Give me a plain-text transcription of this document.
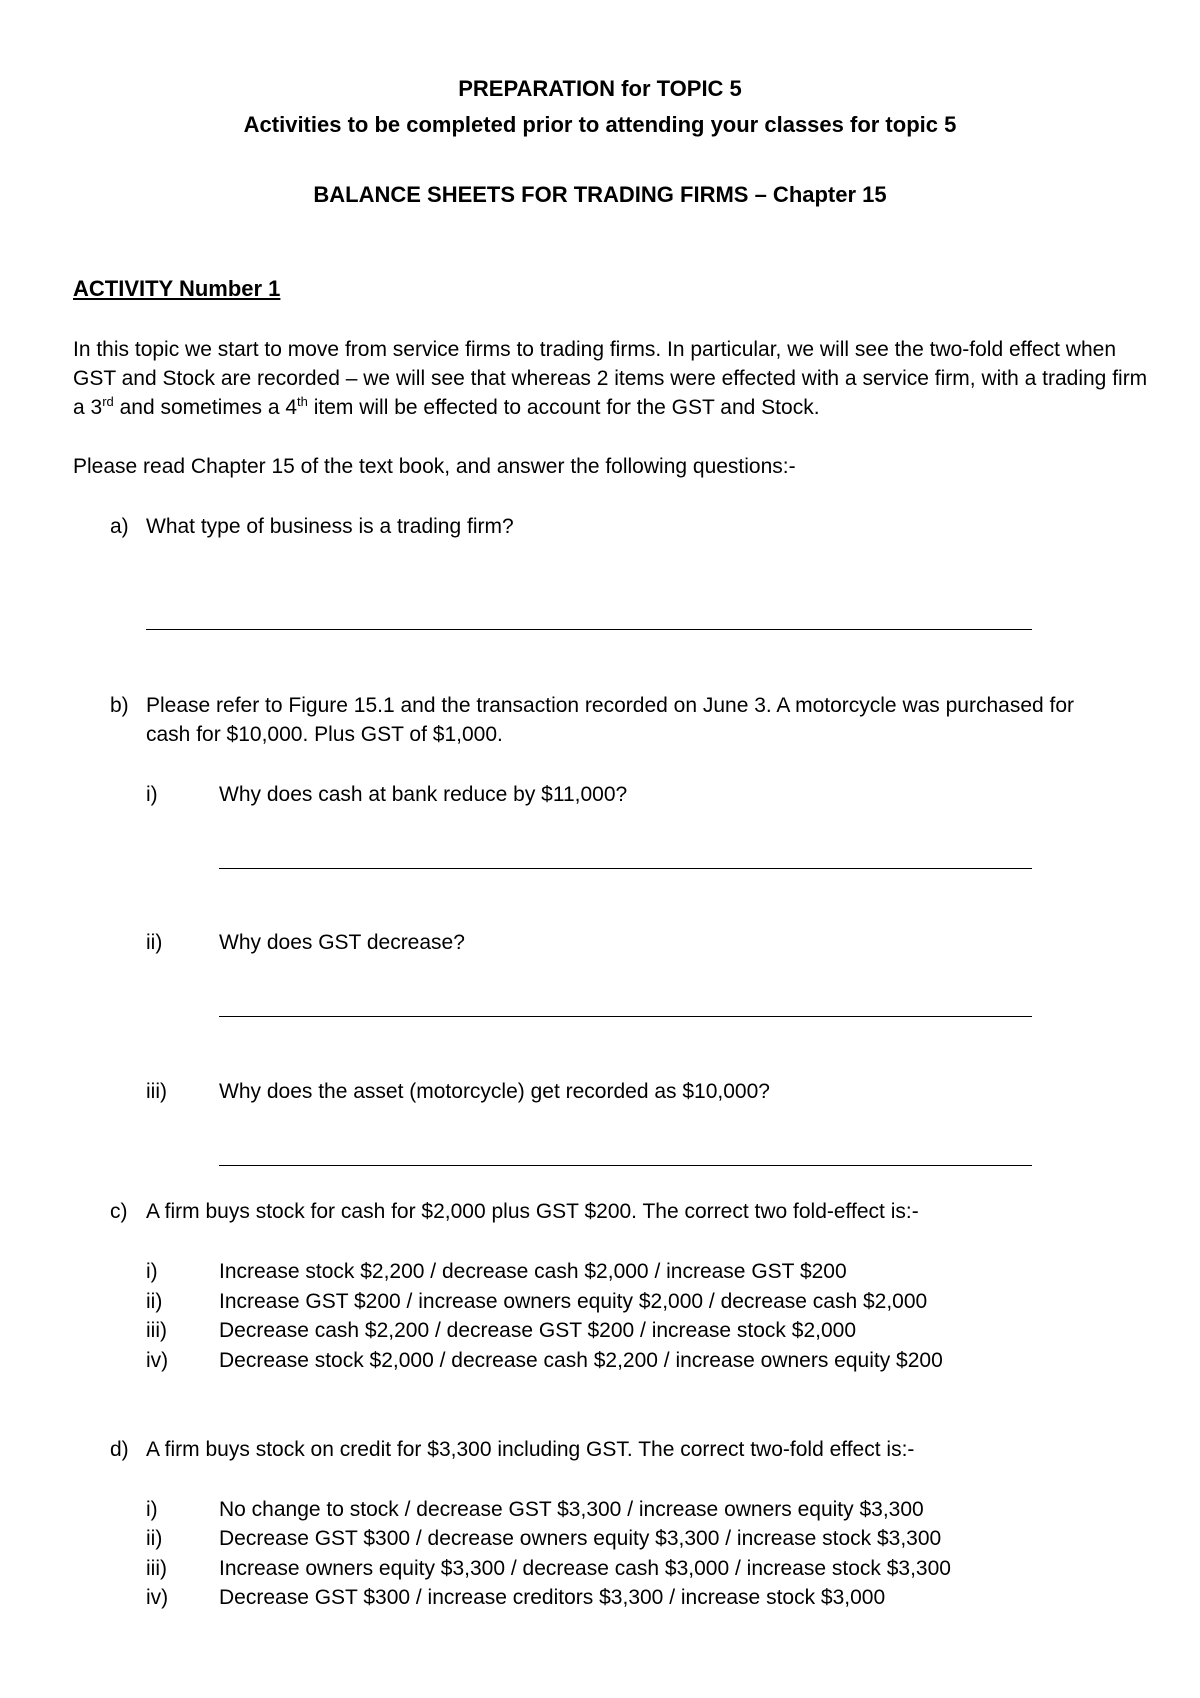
PREPARATION for TOPIC 5
Activities to be completed prior to attending your classes for topic 5
BALANCE SHEETS FOR TRADING FIRMS – Chapter 15
ACTIVITY Number 1
In this topic we start to move from service firms to trading firms. In particular, we will see the two-fold effect when GST and Stock are recorded – we will see that whereas 2 items were effected with a service firm, with a trading firm a 3rd and sometimes a 4th item will be effected to account for the GST and Stock.
Please read Chapter 15 of the text book, and answer the following questions:-
a) What type of business is a trading firm?
b) Please refer to Figure 15.1 and the transaction recorded on June 3. A motorcycle was purchased for
cash for $10,000. Plus GST of $1,000.
i)	Why does cash at bank reduce by $11,000?
ii)	Why does GST decrease?
iii) Why does the asset (motorcycle) get recorded as $10,000?
c) A firm buys stock for cash for $2,000 plus GST $200. The correct two fold-effect is:-
i)	Increase stock $2,200 / decrease cash $2,000 / increase GST $200
ii)	Increase GST $200 / increase owners equity $2,000 / decrease cash $2,000
iii) Decrease cash $2,200 / decrease GST $200 / increase stock $2,000
iv) Decrease stock $2,000 / decrease cash $2,200 / increase owners equity $200
d) A firm buys stock on credit for $3,300 including GST. The correct two-fold effect is:-
i)	No change to stock / decrease GST $3,300 / increase owners equity $3,300
ii)	Decrease GST $300 / decrease owners equity $3,300 / increase stock $3,300
iii) Increase owners equity $3,300 / decrease cash $3,000 / increase stock $3,300
iv) Decrease GST $300 / increase creditors $3,300 / increase stock $3,000
